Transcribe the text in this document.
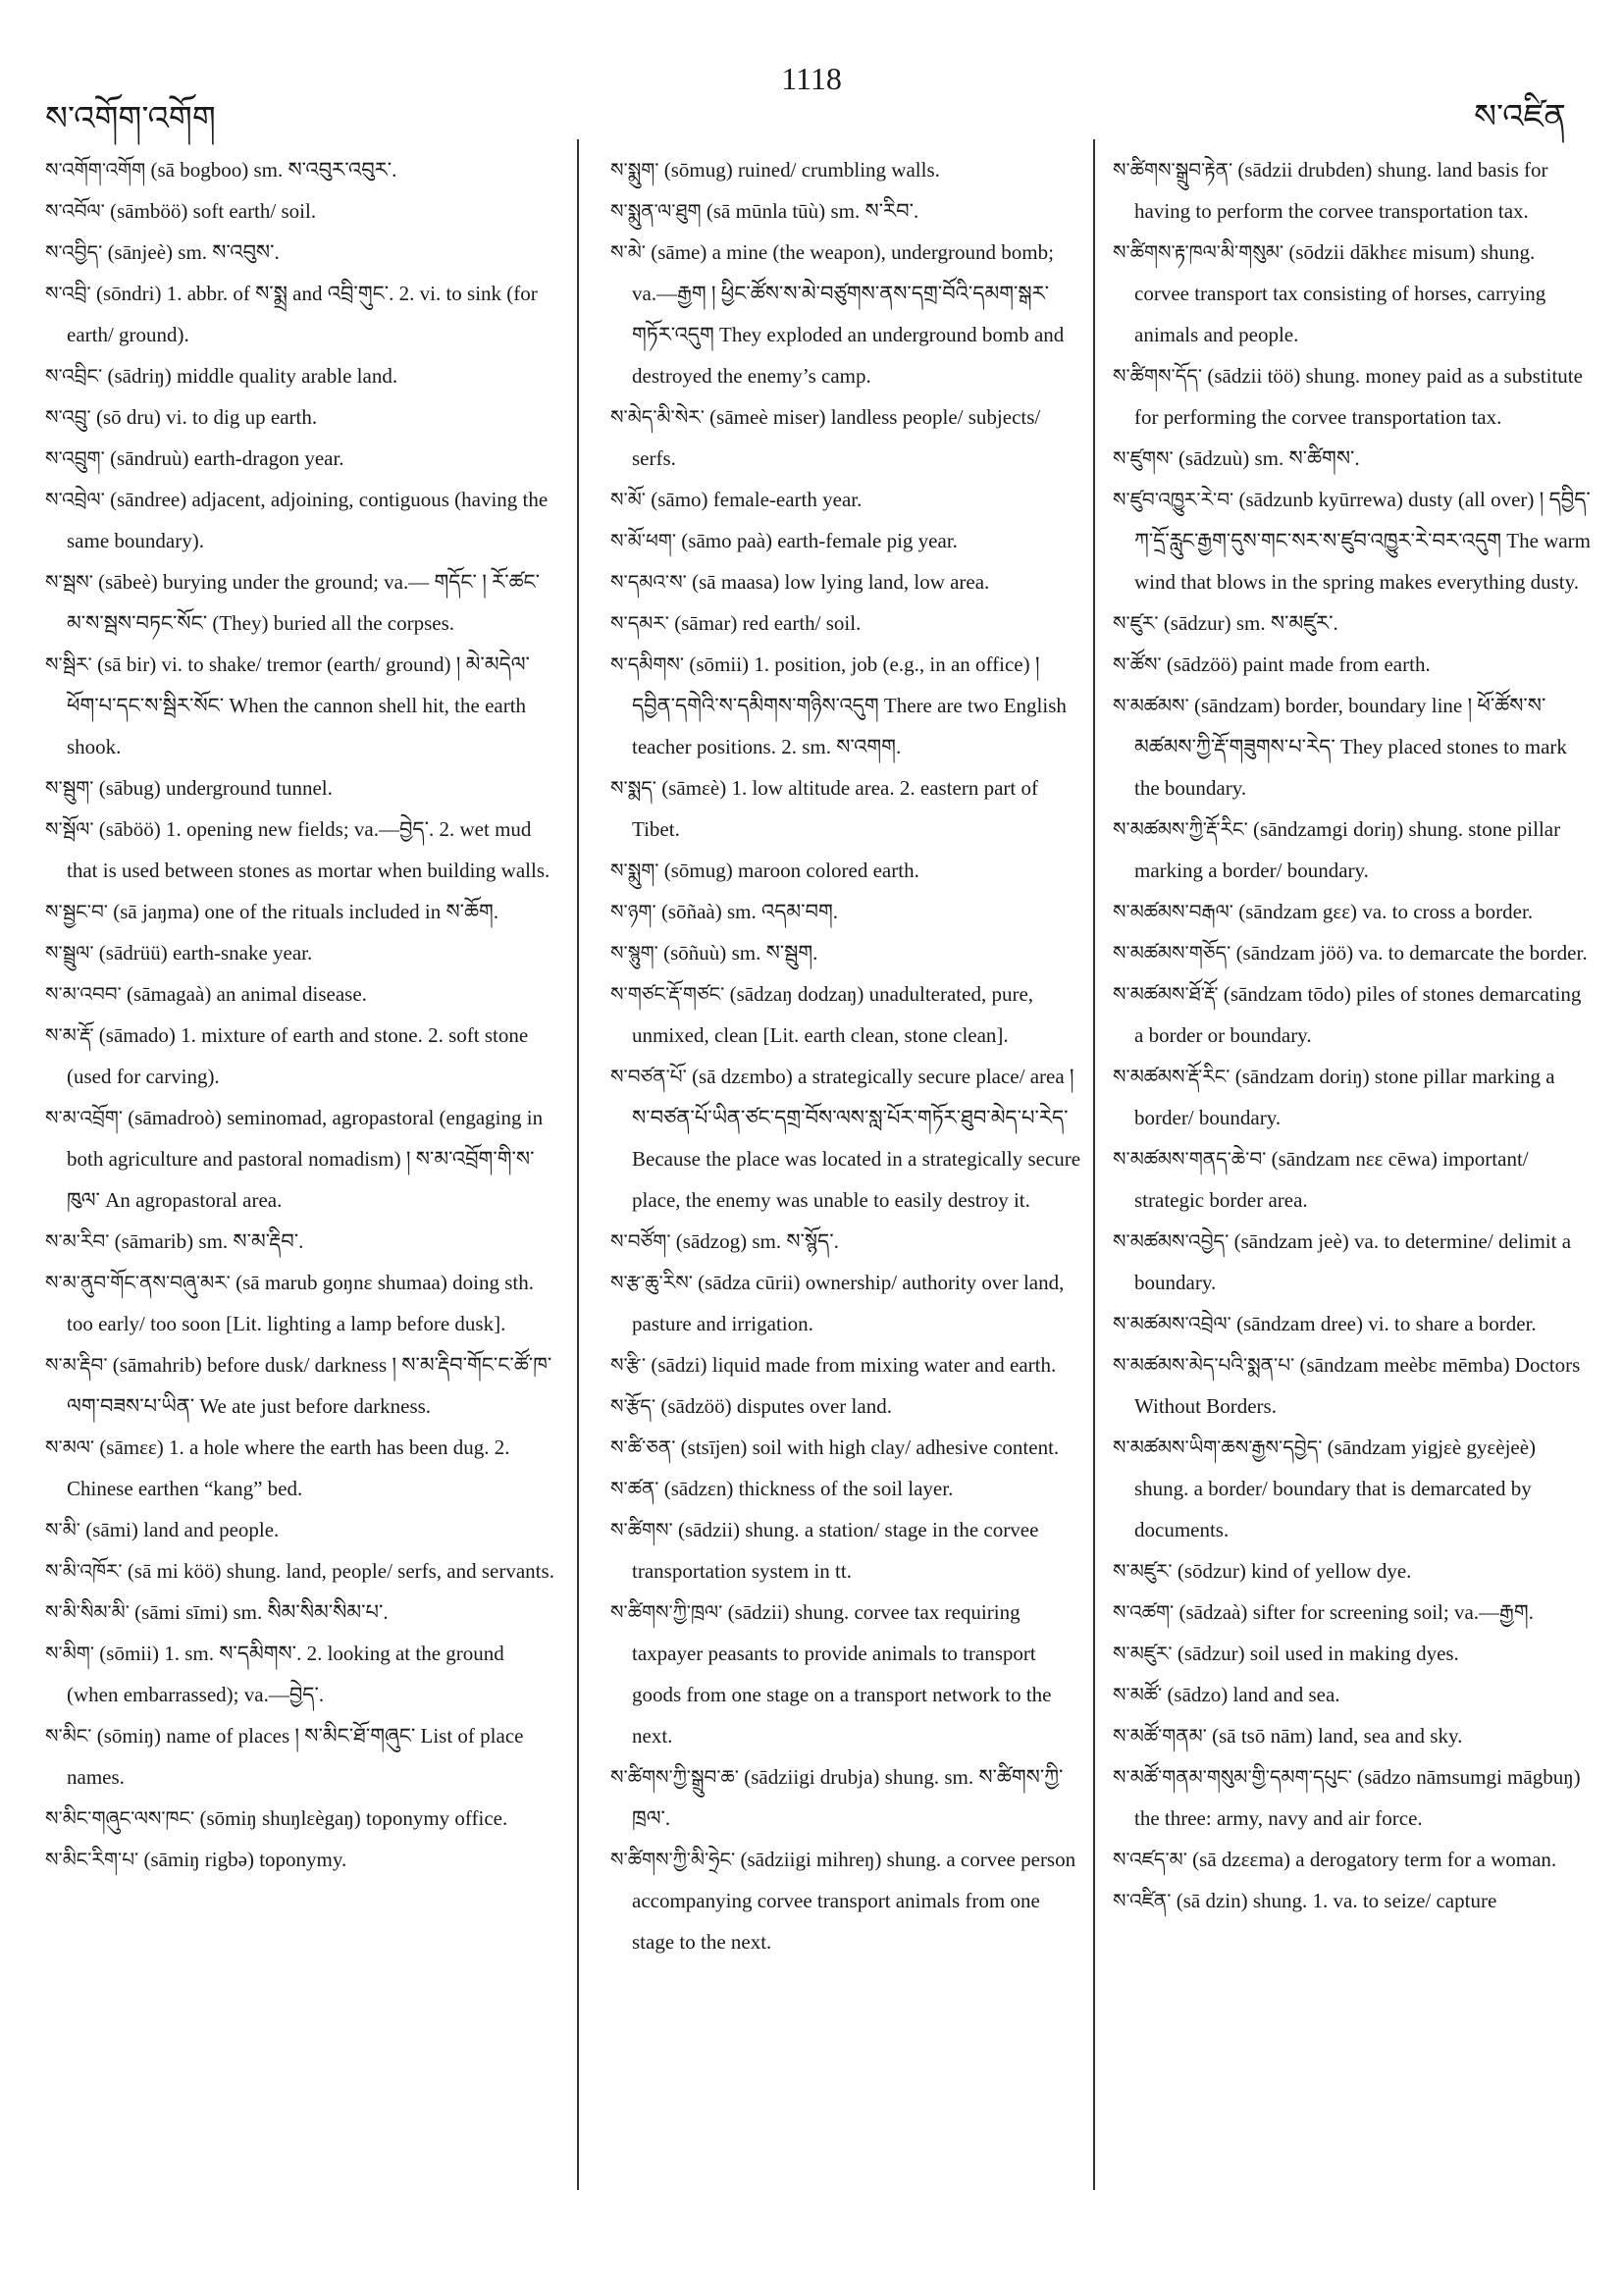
ས་འགོག་འགོག
1118
ས་འཛིན

ས་འགོག་འགོག (sā bogboo) sm. ས་འབུར་འབུར་.

ས་འབོལ་ (sāmböö) soft earth/ soil.

ས་འབྱིད་ (sānjeè) sm. ས་འབུས་.

ས་འབྲི་ (sōndri) 1. abbr. of ས་སྨྲ and འབྲི་གུང་. 2. vi. to sink (for earth/ ground).

ས་འབྲིང་ (sādriŋ) middle quality arable land.

ས་འབྲུ་ (sō dru) vi. to dig up earth.

ས་འབྲུག་ (sāndruù) earth-dragon year.

ས་འབྲེལ་ (sāndree) adjacent, adjoining, contiguous (having the same boundary).

ས་སྦས་ (sābeè) burying under the ground; va.— གདོང་ ། རོ་ཚང་མ་ས་སྦས་བཏང་སོང་ (They) buried all the corpses.

ས་སྦིར་ (sā bir) vi. to shake/ tremor (earth/ ground) ། མེ་མདེལ་ཕོག་པ་དང་ས་སྦིར་སོང་ When the cannon shell hit, the earth shook.

ས་སྦུག་ (sābug) underground tunnel.

ས་སྦོལ་ (sāböö) 1. opening new fields; va.—བྱེད་. 2. wet mud that is used between stones as mortar when building walls.

ས་སྦྱང་བ་ (sā jaŋma) one of the rituals included in ས་ཆོག.

ས་སྦྲུལ་ (sādrüü) earth-snake year.

ས་མ་འབབ་ (sāmagaà) an animal disease.

ས་མ་རྡོ་ (sāmado) 1. mixture of earth and stone. 2. soft stone (used for carving).

ས་མ་འབྲོག་ (sāmadroò) seminomad, agropastoral (engaging in both agriculture and pastoral nomadism) ། ས་མ་འབྲོག་གི་ས་ཁུལ་ An agropastoral area.

ས་མ་རིབ་ (sāmarib) sm. ས་མ་རྡིབ་.

ས་མ་ནུབ་གོང་ནས་བཞུ་མར་ (sā marub goŋnε shumaa) doing sth. too early/ too soon [Lit. lighting a lamp before dusk].

ས་མ་རྡིབ་ (sāmahrib) before dusk/ darkness ། ས་མ་རྡིབ་གོང་ང་ཚོ་ཁ་ལག་བཟས་པ་ཡིན་ We ate just before darkness.

ས་མལ་ (sāmεε) 1. a hole where the earth has been dug. 2. Chinese earthen “kang” bed.

ས་མི་ (sāmi) land and people.

ས་མི་འཁོར་ (sā mi köö) shung. land, people/ serfs, and servants.

ས་མི་སིམ་མི་ (sāmi sīmi) sm. སིམ་སིམ་སིམ་པ་.

ས་མིག་ (sōmii) 1. sm. ས་དམིགས་. 2. looking at the ground (when embarrassed); va.—བྱེད་.

ས་མིང་ (sōmiŋ) name of places ། ས་མིང་ཐོ་གཞུང་ List of place names.

ས་མིང་གཞུང་ལས་ཁང་ (sōmiŋ shuŋlεègaŋ) toponymy office.

ས་མིང་རིག་པ་ (sāmiŋ rigbə) toponymy.

ས་སྨུག་ (sōmug) ruined/ crumbling walls.

ས་སྨུན་ལ་ཐུག (sā mūnla tūù) sm. ས་རིབ་.

ས་མེ་ (sāme) a mine (the weapon), underground bomb; va.—རྒྱག ། ཕྱིང་ཚོས་ས་མེ་བཙུགས་ནས་དགྲ་བོའི་དམག་སྒར་གཏོར་འདུག They exploded an underground bomb and destroyed the enemy’s camp.

ས་མེད་མི་སེར་ (sāmeè miser) landless people/ subjects/ serfs.

ས་མོ་ (sāmo) female-earth year.

ས་མོ་ཕག་ (sāmo paà) earth-female pig year.

ས་དམའ་ས་ (sā maasa) low lying land, low area.

ས་དམར་ (sāmar) red earth/ soil.

ས་དམིགས་ (sōmii) 1. position, job (e.g., in an office) ། དབྱིན་དགེའི་ས་དམིགས་གཉིས་འདུག There are two English teacher positions. 2. sm. ས་འགག.

ས་སྨད་ (sāmεè) 1. low altitude area. 2. eastern part of Tibet.

ས་སྨུག་ (sōmug) maroon colored earth.

ས་ཉག་ (sōñaà) sm. འདམ་བག.

ས་སྙུག་ (sōñuù) sm. ས་སྦུག.

ས་གཙང་རྡོ་གཙང་ (sādzaŋ dodzaŋ) unadulterated, pure, unmixed, clean [Lit. earth clean, stone clean].

ས་བཙན་པོ་ (sā dzεmbo) a strategically secure place/ area ། ས་བཙན་པོ་ཡིན་ཙང་དགྲ་བོས་ལས་སླ་པོར་གཏོར་ཐུབ་མེད་པ་རེད་ Because the place was located in a strategically secure place, the enemy was unable to easily destroy it.

ས་བཙོག་ (sādzog) sm. ས་སྙོད་.

ས་རྩ་ཆུ་རིས་ (sādza cūrii) ownership/ authority over land, pasture and irrigation.

ས་རྩི་ (sādzi) liquid made from mixing water and earth.

ས་རྩོད་ (sādzöö) disputes over land.

ས་ཚི་ཅན་ (stsījen) soil with high clay/ adhesive content.

ས་ཚན་ (sādzεn) thickness of the soil layer.

ས་ཚིགས་ (sādzii) shung. a station/ stage in the corvee transportation system in tt.

ས་ཚིགས་ཀྱི་ཁྲལ་ (sādzii) shung. corvee tax requiring taxpayer peasants to provide animals to transport goods from one stage on a transport network to the next.

ས་ཚིགས་ཀྱི་སྒྲུབ་ཆ་ (sādziigi drubja) shung. sm. ས་ཚིགས་ཀྱི་ཁྲལ་.

ས་ཚིགས་ཀྱི་མི་ཧྲེང་ (sādziigi mihreŋ) shung. a corvee person accompanying corvee transport animals from one stage to the next.

ས་ཚིགས་སྒྲུབ་རྟེན་ (sādzii drubden) shung. land basis for having to perform the corvee transportation tax.

ས་ཚིགས་རྟ་ཁལ་མི་གསུམ་ (sōdzii dākhεε misum) shung. corvee transport tax consisting of horses, carrying animals and people.

ས་ཚིགས་དོད་ (sādzii töö) shung. money paid as a substitute for performing the corvee transportation tax.

ས་ཛུགས་ (sādzuù) sm. ས་ཚིགས་.

ས་ཛུབ་འཁྱུར་རེ་བ་ (sādzunb kyūrrewa) dusty (all over) ། དབྱིད་ཀ་དྲོ་རླུང་རྒྱག་དུས་གང་སར་ས་ཛུབ་འཁྱུར་རེ་བར་འདུག The warm wind that blows in the spring makes everything dusty.

ས་ཛུར་ (sādzur) sm. ས་མཛུར་.

ས་ཚོས་ (sādzöö) paint made from earth.

ས་མཚམས་ (sāndzam) border, boundary line ། ཕོ་ཚོས་ས་མཚམས་ཀྱི་རྡོ་གཟུགས་པ་རེད་ They placed stones to mark the boundary.

ས་མཚམས་ཀྱི་རྡོ་རིང་ (sāndzamgi doriŋ) shung. stone pillar marking a border/ boundary.

ས་མཚམས་བརྒལ་ (sāndzam gεε) va. to cross a border.

ས་མཚམས་གཅོད་ (sāndzam jöö) va. to demarcate the border.

ས་མཚམས་ཐོ་རྡོ་ (sāndzam tōdo) piles of stones demarcating a border or boundary.

ས་མཚམས་རྡོ་རིང་ (sāndzam doriŋ) stone pillar marking a border/ boundary.

ས་མཚམས་གནད་ཆེ་བ་ (sāndzam nεε cēwa) important/ strategic border area.

ས་མཚམས་འབྱེད་ (sāndzam jeè) va. to determine/ delimit a boundary.

ས་མཚམས་འབྲེལ་ (sāndzam dree) vi. to share a border.

ས་མཚམས་མེད་པའི་སྨན་པ་ (sāndzam meèbε mēmba) Doctors Without Borders.

ས་མཚམས་ཡིག་ཆས་རྒྱས་དབྱེད་ (sāndzam yigjεè gyεèjeè) shung. a border/ boundary that is demarcated by documents.

ས་མཛུར་ (sōdzur) kind of yellow dye.

ས་འཚག་ (sādzaà) sifter for screening soil; va.—རྒྱག.

ས་མཛུར་ (sādzur) soil used in making dyes.

ས་མཚོ་ (sādzo) land and sea.

ས་མཚོ་གནམ་ (sā tsō nām) land, sea and sky.

ས་མཚོ་གནམ་གསུམ་གྱི་དམག་དཔུང་ (sādzo nāmsumgi māgbuŋ) the three: army, navy and air force.

ས་འཛད་མ་ (sā dzεεma) a derogatory term for a woman.

ས་འཛིན་ (sā dzin) shung. 1. va. to seize/ capture
